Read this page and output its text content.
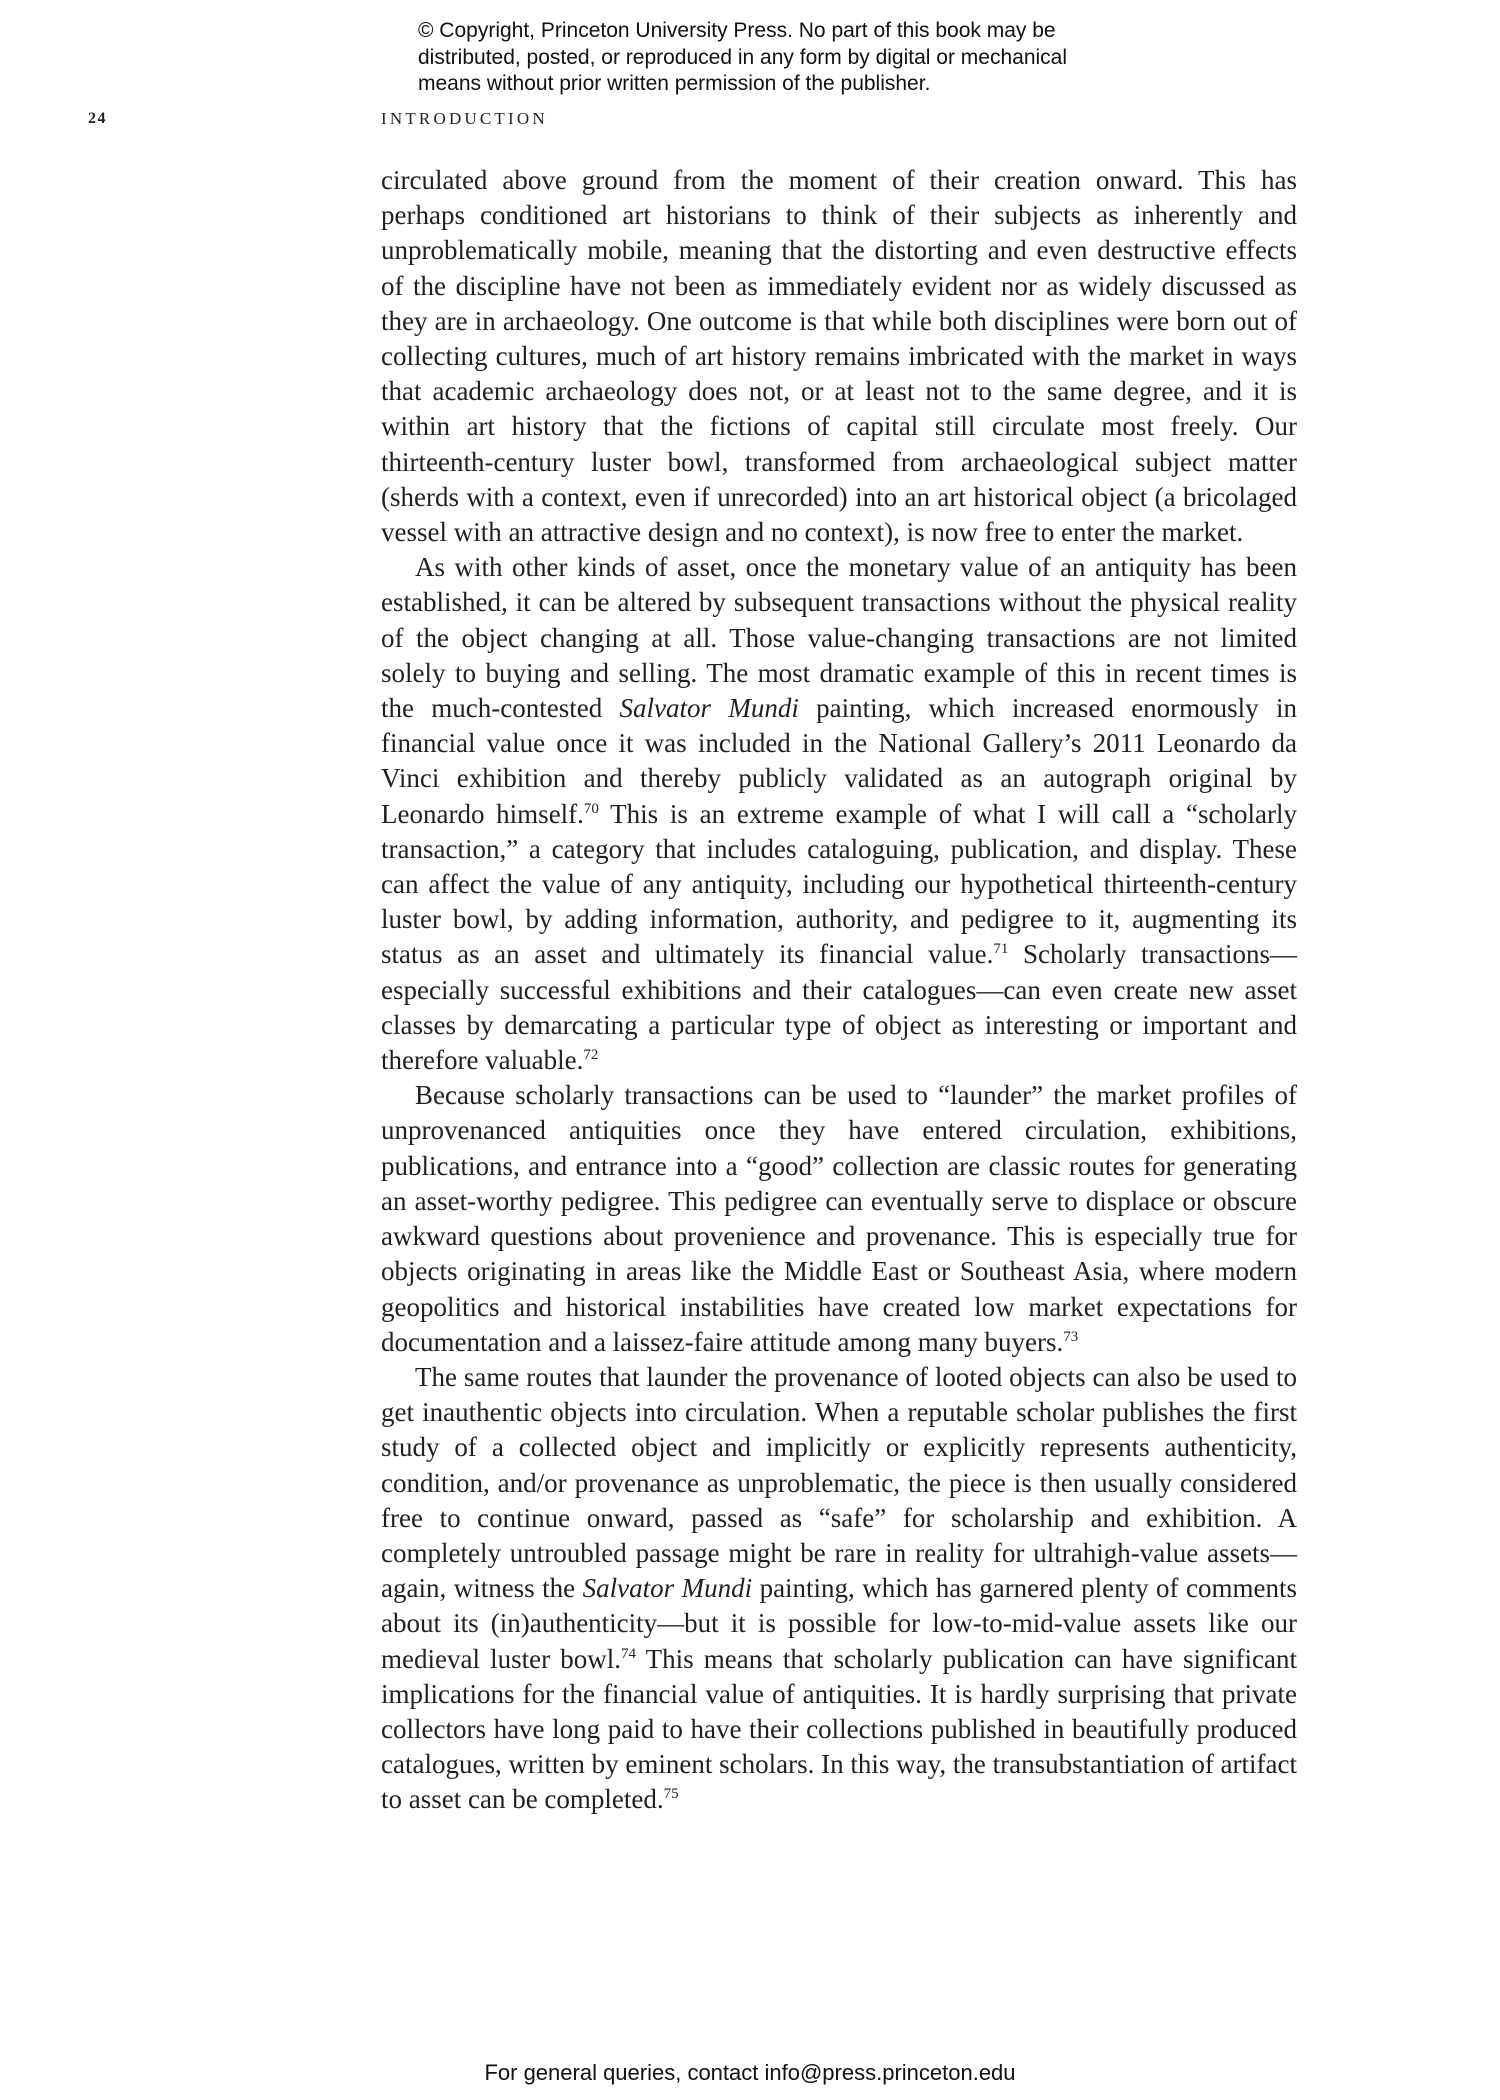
© Copyright, Princeton University Press. No part of this book may be
distributed, posted, or reproduced in any form by digital or mechanical
means without prior written permission of the publisher.
24	INTRODUCTION

circulated above ground from the moment of their creation onward. This has perhaps conditioned art historians to think of their subjects as inherently and unproblematically mobile, meaning that the distorting and even destructive effects of the discipline have not been as immediately evident nor as widely discussed as they are in archaeology. One outcome is that while both disciplines were born out of collecting cultures, much of art history remains imbricated with the market in ways that academic archaeology does not, or at least not to the same degree, and it is within art history that the fictions of capital still circulate most freely. Our thirteenth-century luster bowl, transformed from archaeological subject matter (sherds with a context, even if unrecorded) into an art historical object (a bricolaged vessel with an attractive design and no context), is now free to enter the market.

As with other kinds of asset, once the monetary value of an antiquity has been established, it can be altered by subsequent transactions without the physical reality of the object changing at all. Those value-changing transactions are not limited solely to buying and selling. The most dramatic example of this in recent times is the much-contested Salvator Mundi painting, which increased enormously in financial value once it was included in the National Gallery’s 2011 Leonardo da Vinci exhibition and thereby publicly validated as an autograph original by Leonardo himself.$^{70}$ This is an extreme example of what I will call a “scholarly transaction,” a category that includes cataloguing, publication, and display. These can affect the value of any antiquity, including our hypothetical thirteenth-century luster bowl, by adding information, authority, and pedigree to it, augmenting its status as an asset and ultimately its financial value.$^{71}$ Scholarly transactions—especially successful exhibitions and their catalogues—can even create new asset classes by demarcating a particular type of object as interesting or important and therefore valuable.$^{72}$

Because scholarly transactions can be used to “launder” the market profiles of unprovenanced antiquities once they have entered circulation, exhibitions, publications, and entrance into a “good” collection are classic routes for generating an asset-worthy pedigree. This pedigree can eventually serve to displace or obscure awkward questions about provenience and provenance. This is especially true for objects originating in areas like the Middle East or Southeast Asia, where modern geopolitics and historical instabilities have created low market expectations for documentation and a laissez-faire attitude among many buyers.$^{73}$

The same routes that launder the provenance of looted objects can also be used to get inauthentic objects into circulation. When a reputable scholar publishes the first study of a collected object and implicitly or explicitly represents authenticity, condition, and/or provenance as unproblematic, the piece is then usually considered free to continue onward, passed as “safe” for scholarship and exhibition. A completely untroubled passage might be rare in reality for ultrahigh-value assets—again, witness the Salvator Mundi painting, which has garnered plenty of comments about its (in)authenticity—but it is possible for low-to-mid-value assets like our medieval luster bowl.$^{74}$ This means that scholarly publication can have significant implications for the financial value of antiquities. It is hardly surprising that private collectors have long paid to have their collections published in beautifully produced catalogues, written by eminent scholars. In this way, the transubstantiation of artifact to asset can be completed.$^{75}$

For general queries, contact info@press.princeton.edu
